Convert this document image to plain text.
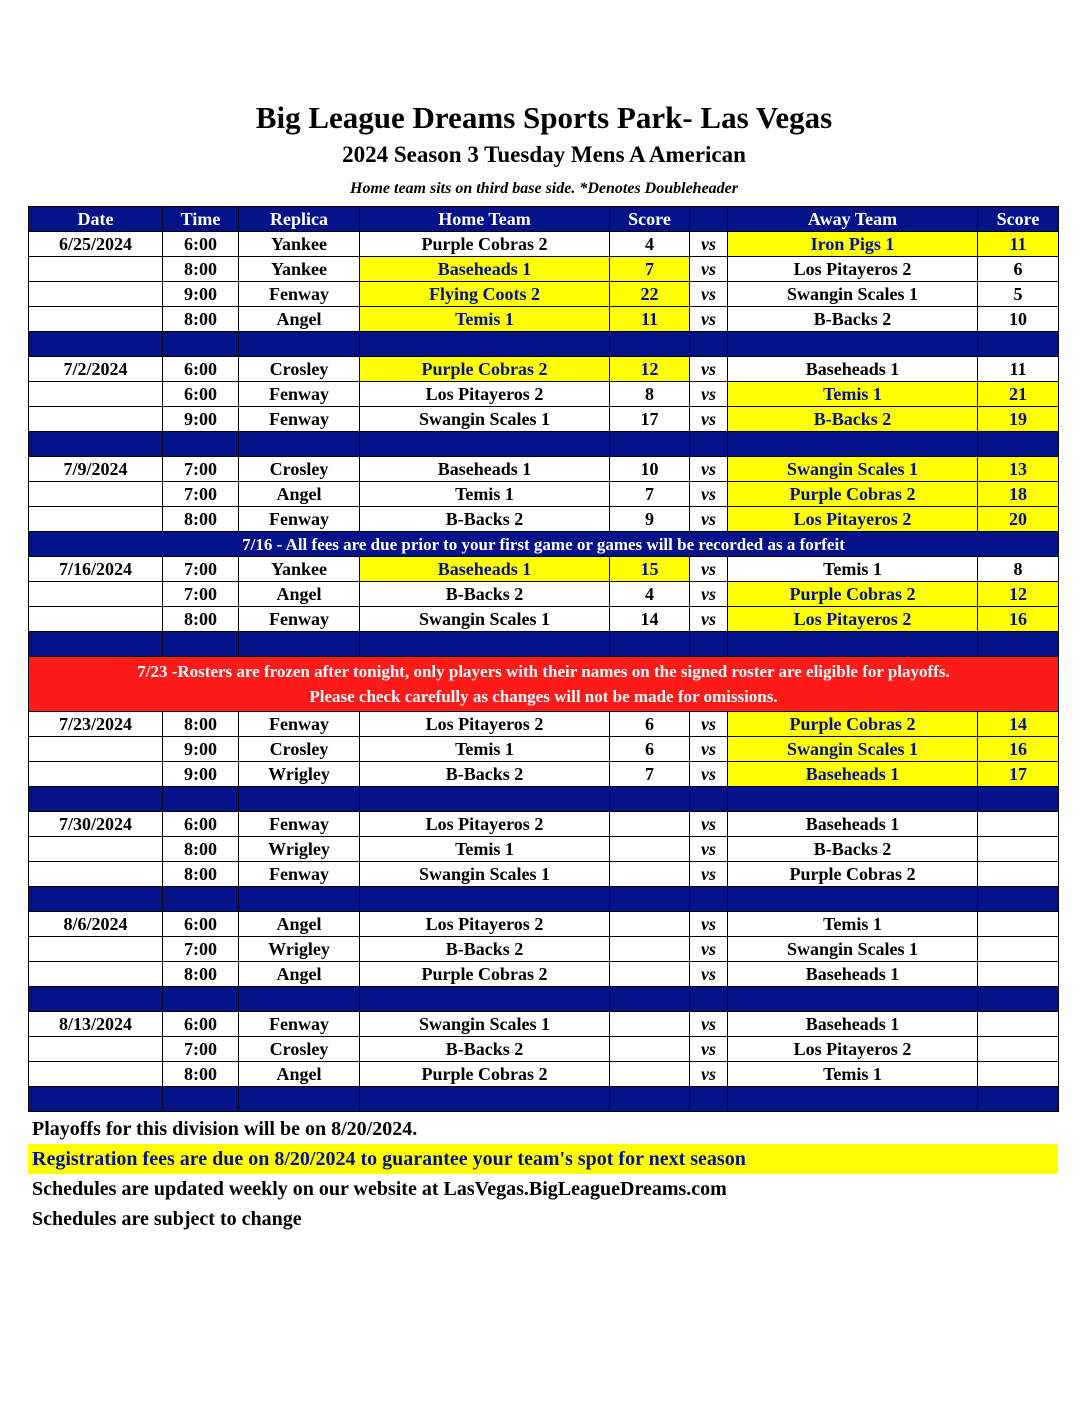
Big League Dreams Sports Park- Las Vegas
2024 Season 3 Tuesday Mens A American
Home team sits on third base side. *Denotes Doubleheader
Date	Time	Replica	Home Team	Score		Away Team	Score
6/25/2024	6:00	Yankee	Purple Cobras 2	4	vs	Iron Pigs 1	11
	8:00	Yankee	Baseheads 1	7	vs	Los Pitayeros 2	6
	9:00	Fenway	Flying Coots 2	22	vs	Swangin Scales 1	5
	8:00	Angel	Temis 1	11	vs	B-Backs 2	10

7/2/2024	6:00	Crosley	Purple Cobras 2	12	vs	Baseheads 1	11
	6:00	Fenway	Los Pitayeros 2	8	vs	Temis 1	21
	9:00	Fenway	Swangin Scales 1	17	vs	B-Backs 2	19

7/9/2024	7:00	Crosley	Baseheads 1	10	vs	Swangin Scales 1	13
	7:00	Angel	Temis 1	7	vs	Purple Cobras 2	18
	8:00	Fenway	B-Backs 2	9	vs	Los Pitayeros 2	20
7/16 - All fees are due prior to your first game or games will be recorded as a forfeit							
7/16/2024	7:00	Yankee	Baseheads 1	15	vs	Temis 1	8
	7:00	Angel	B-Backs 2	4	vs	Purple Cobras 2	12
	8:00	Fenway	Swangin Scales 1	14	vs	Los Pitayeros 2	16

7/23 -Rosters are frozen after tonight, only players with their names on the signed roster are eligible for playoffs.
Please check carefully as changes will not be made for omissions.							

7/23/2024	8:00	Fenway	Los Pitayeros 2	6	vs	Purple Cobras 2	14
	9:00	Crosley	Temis 1	6	vs	Swangin Scales 1	16
	9:00	Wrigley	B-Backs 2	7	vs	Baseheads 1	17

7/30/2024	6:00	Fenway	Los Pitayeros 2		vs	Baseheads 1	
	8:00	Wrigley	Temis 1		vs	B-Backs 2	
	8:00	Fenway	Swangin Scales 1		vs	Purple Cobras 2	

8/6/2024	6:00	Angel	Los Pitayeros 2		vs	Temis 1	
	7:00	Wrigley	B-Backs 2		vs	Swangin Scales 1	
	8:00	Angel	Purple Cobras 2		vs	Baseheads 1	

8/13/2024	6:00	Fenway	Swangin Scales 1		vs	Baseheads 1	
	7:00	Crosley	B-Backs 2		vs	Los Pitayeros 2	
	8:00	Angel	Purple Cobras 2		vs	Temis 1	

Playoffs for this division will be on 8/20/2024.
Registration fees are due on 8/20/2024 to guarantee your team's spot for next season
Schedules are updated weekly on our website at LasVegas.BigLeagueDreams.com
Schedules are subject to change
